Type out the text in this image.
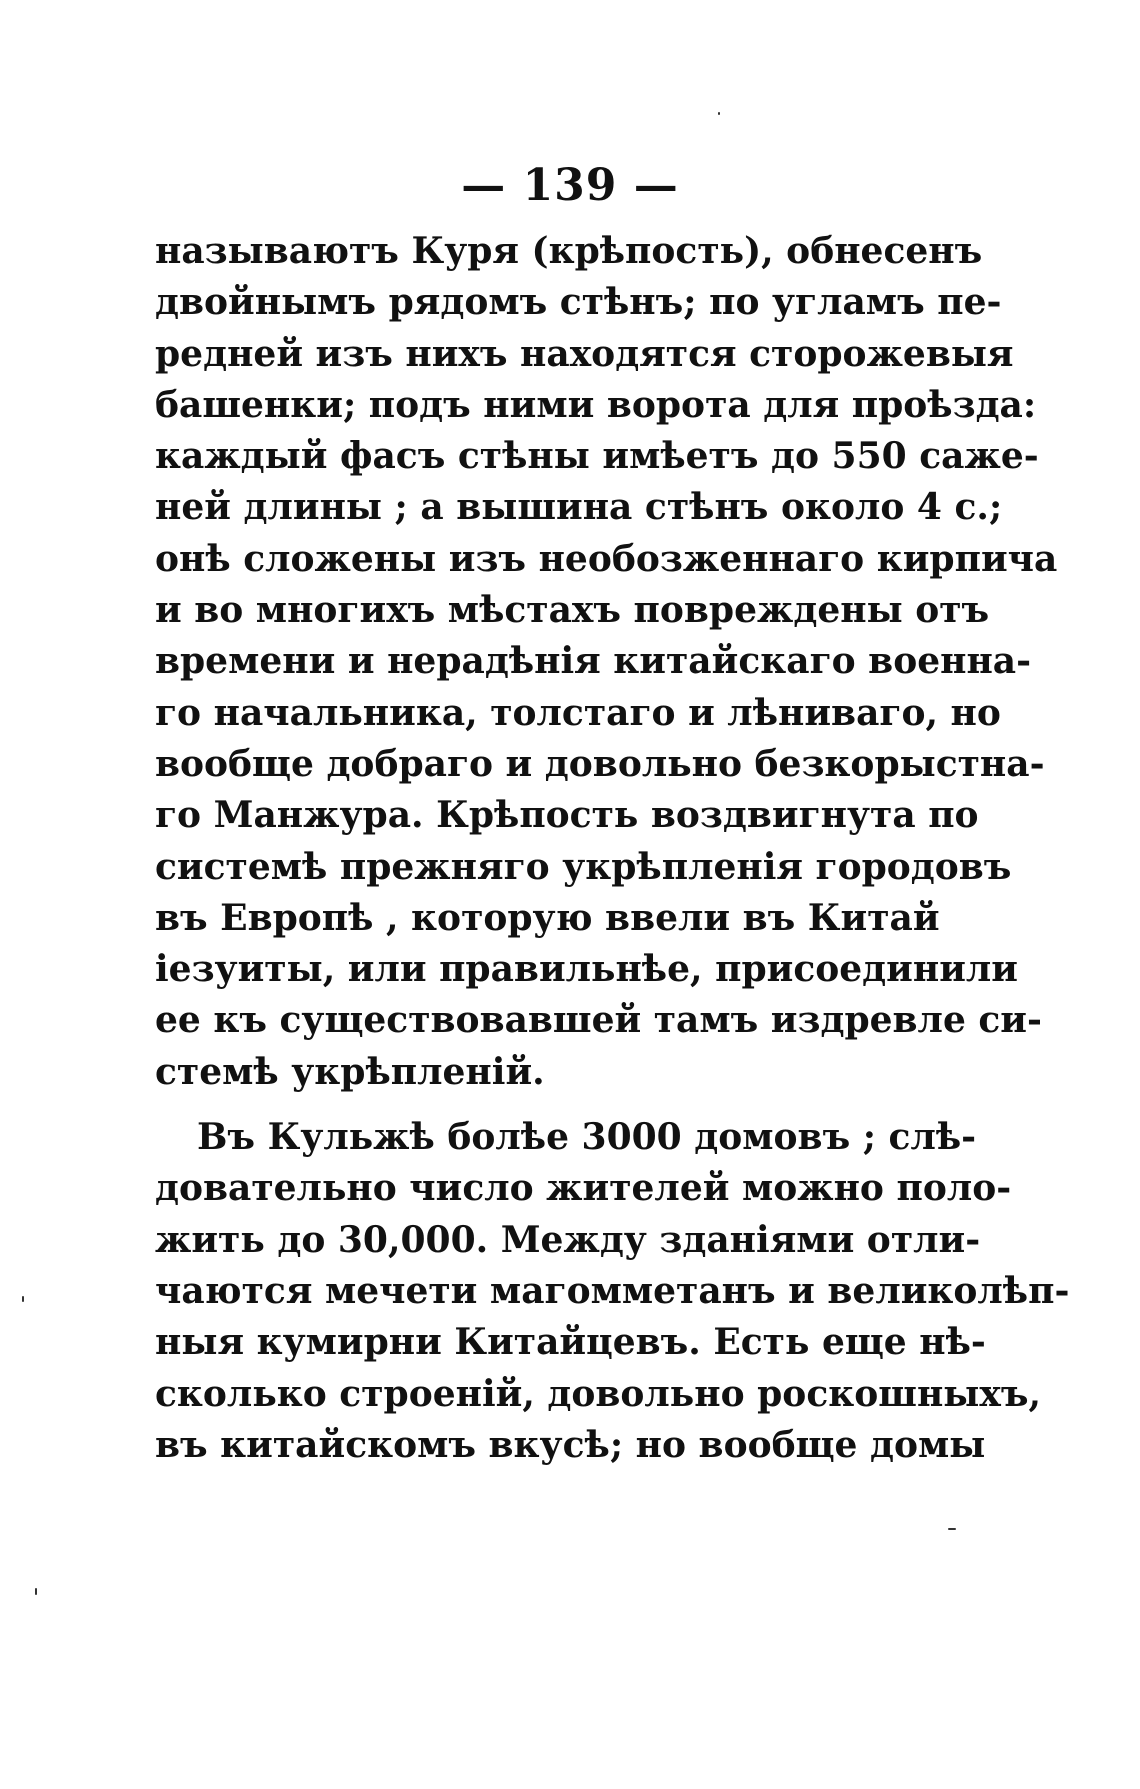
— 139 —
называютъ Куря (крѣпость), обнесенъ
двойнымъ рядомъ стѣнъ; по угламъ пе-
редней изъ нихъ находятся сторожевыя
башенки; подъ ними ворота для проѣзда:
каждый фасъ стѣны имѣетъ до 550 саже-
ней длины ; а вышина стѣнъ около 4 с.;
онѣ сложены изъ необозженнаго кирпича
и во многихъ мѣстахъ повреждены отъ
времени и нерадѣнія китайскаго военна-
го начальника, толстаго и лѣниваго, но
вообще добраго и довольно безкорыстна-
го Манжура. Крѣпость воздвигнута по
системѣ прежняго укрѣпленія городовъ
въ Европѣ , которую ввели въ Китай
іезуиты, или правильнѣе, присоединили
ее къ существовавшей тамъ издревле си-
стемѣ укрѣпленій.
Въ Кульжѣ болѣе 3000 домовъ ; слѣ-
довательно число жителей можно поло-
жить до 30,000. Между зданіями отли-
чаются мечети магомметанъ и великолѣп-
ныя кумирни Китайцевъ. Есть еще нѣ-
сколько строеній, довольно роскошныхъ,
въ китайскомъ вкусѣ; но вообще домы
